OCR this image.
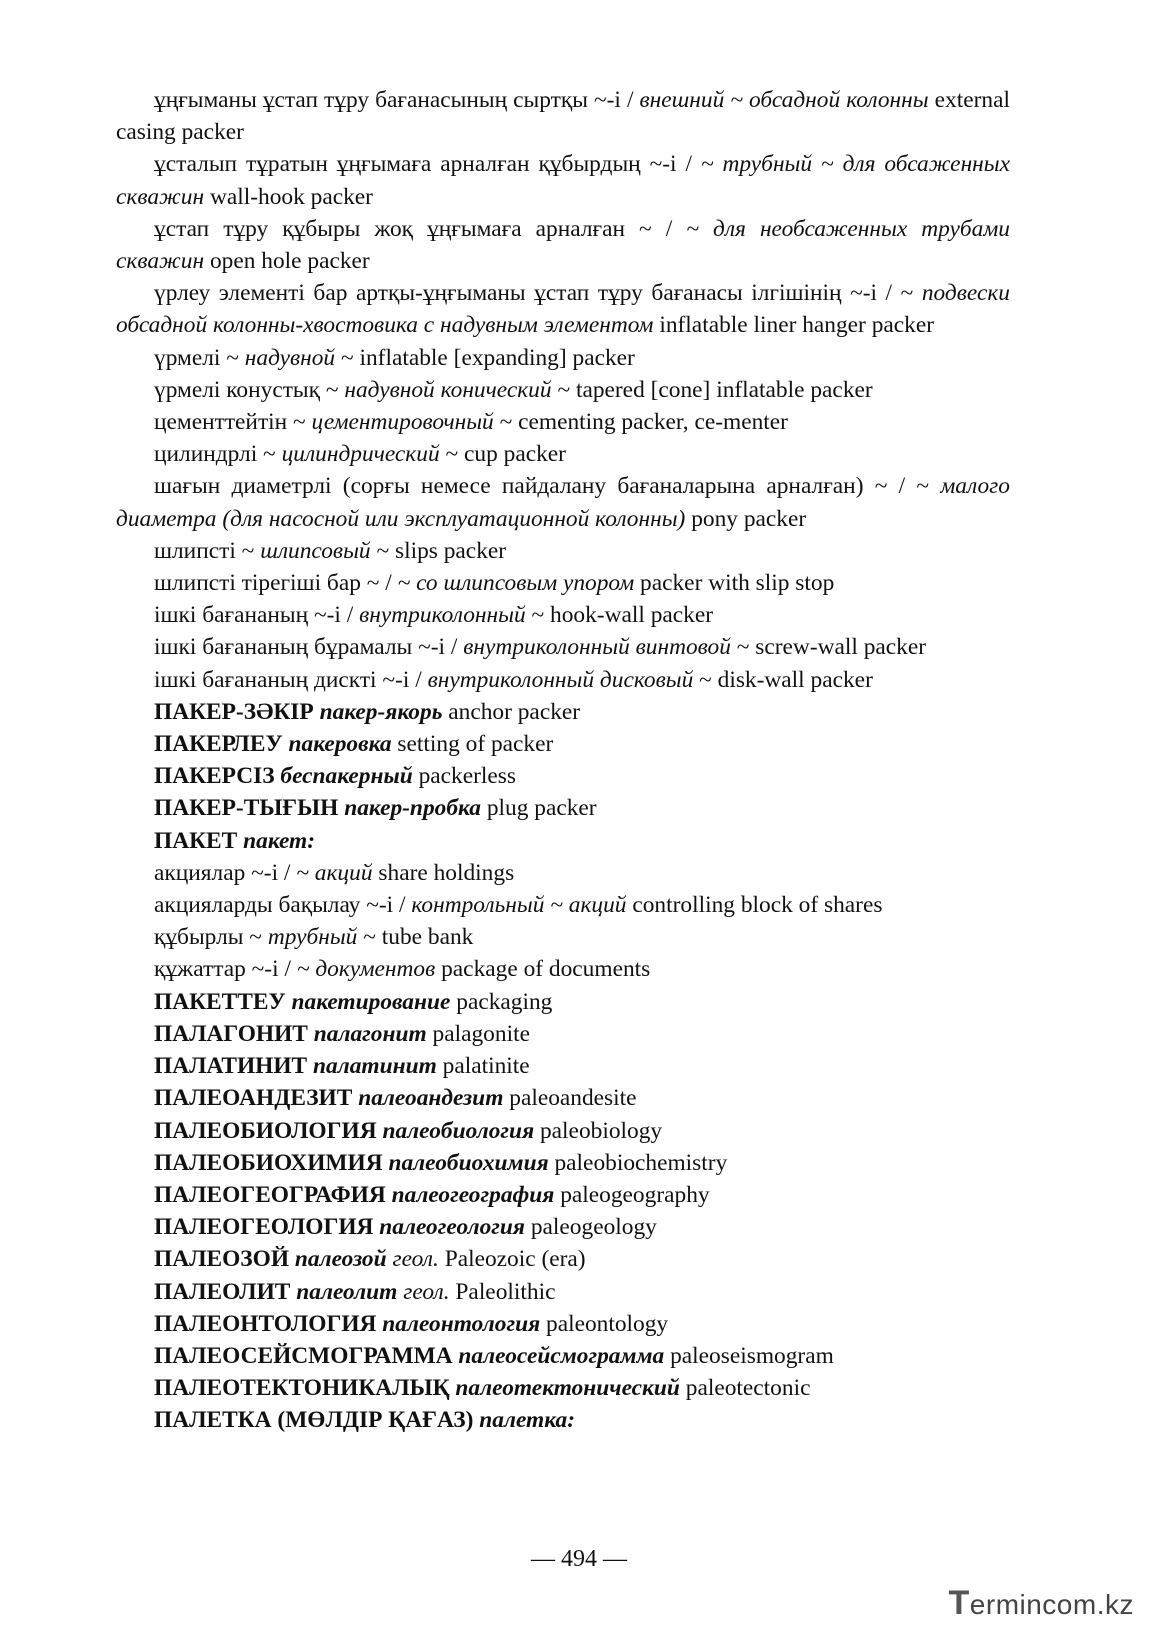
ұңғыманы ұстап тұру бағанасының сыртқы ~-і / внешний ~ обсадной колонны external casing packer

ұсталып тұратын ұңғымаға арналған құбырдың ~-і / ~ трубный ~ для обсаженных скважин wall-hook packer

ұстап тұру құбыры жоқ ұңғымаға арналған ~ / ~ для необсаженных трубами скважин open hole packer

үрлеу элементі бар артқы-ұңғыманы ұстап тұру бағанасы ілгішінің ~-і / ~ подвески обсадной колонны-хвостовика с надувным элементом inflatable liner hanger packer

үрмелі ~ надувной ~ inflatable [expanding] packer

үрмелі конустық ~ надувной конический ~ tapered [cone] inflatable packer

цементтейтін ~ цементировочный ~ cementing packer, ce-menter

цилиндрлі ~ цилиндрический ~ cup packer

шағын диаметрлі (сорғы немесе пайдалану бағаналарына арналған) ~ / ~ малого диаметра (для насосной или эксплуатационной колонны) pony packer

шлипсті ~ шлипсовый ~ slips packer

шлипсті тірегіші бар ~ / ~ со шлипсовым упором packer with slip stop

ішкі бағананың ~-і / внутриколонный ~ hook-wall packer

ішкі бағананың бұрамалы ~-і / внутриколонный винтовой ~ screw-wall packer

ішкі бағананың дискті ~-і / внутриколонный дисковый ~ disk-wall packer

ПАКЕР-ЗӘКІР пакер-якорь anchor packer

ПАКЕРЛЕУ пакеровка setting of packer

ПАКЕРСІЗ беспакерный packerless

ПАКЕР-ТЫҒЫН пакер-пробка plug packer

ПАКЕТ пакет:

акциялар ~-і / ~ акций share holdings

акцияларды бақылау ~-і / контрольный ~ акций controlling block of shares

құбырлы ~ трубный ~ tube bank

құжаттар ~-і / ~ документов package of documents

ПАКЕТТЕУ пакетирование packaging

ПАЛАГОНИТ палагонит palagonite

ПАЛАТИНИТ палатинит palatinite

ПАЛЕОАНДЕЗИТ палеоандезит paleoandesite

ПАЛЕОБИОЛОГИЯ палеобиология paleobiology

ПАЛЕОБИОХИМИЯ палеобиохимия paleobiochemistry

ПАЛЕОГЕОГРАФИЯ палеогеография paleogeography

ПАЛЕОГЕОЛОГИЯ палеогеология paleogeology

ПАЛЕОЗОЙ палеозой геол. Paleozoic (era)

ПАЛЕОЛИТ палеолит геол. Paleolithic

ПАЛЕОНТОЛОГИЯ палеонтология paleontology

ПАЛЕОСЕЙСМОГРАММА палеосейсмограмма paleoseismogram

ПАЛЕОТЕКТОНИКАЛЫҚ палеотектонический paleotectonic

ПАЛЕТКА (МӨЛДІР ҚАҒАЗ) палетка:

— 494 —
Termincom.kz
